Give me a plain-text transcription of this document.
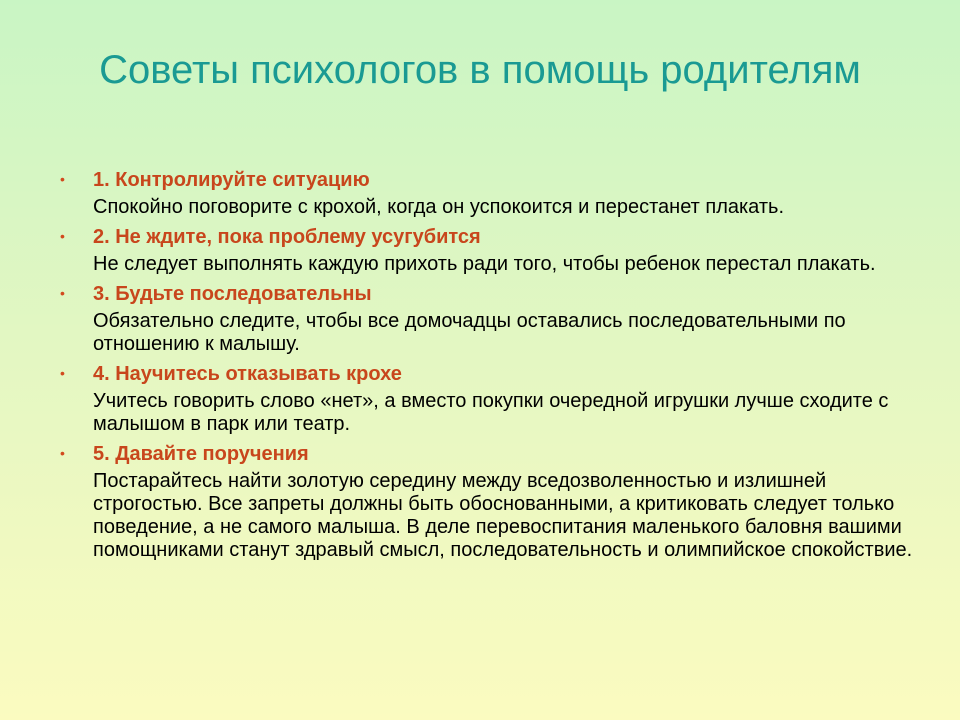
Советы психологов в помощь родителям
• 1. Контролируйте ситуацию
Спокойно поговорите с крохой, когда он успокоится и перестанет плакать.
• 2. Не ждите, пока проблему усугубится
Не следует выполнять каждую прихоть ради того, чтобы ребенок перестал плакать.
• 3. Будьте последовательны
Обязательно следите, чтобы все домочадцы оставались последовательными по отношению к малышу.
• 4. Научитесь отказывать крохе
Учитесь говорить слово «нет», а вместо покупки очередной игрушки лучше сходите с малышом в парк или театр.
• 5. Давайте поручения
Постарайтесь найти золотую середину между вседозволенностью и излишней строгостью. Все запреты должны быть обоснованными, а критиковать следует только поведение, а не самого малыша. В деле перевоспитания маленького баловня вашими помощниками станут здравый смысл, последовательность и олимпийское спокойствие.
